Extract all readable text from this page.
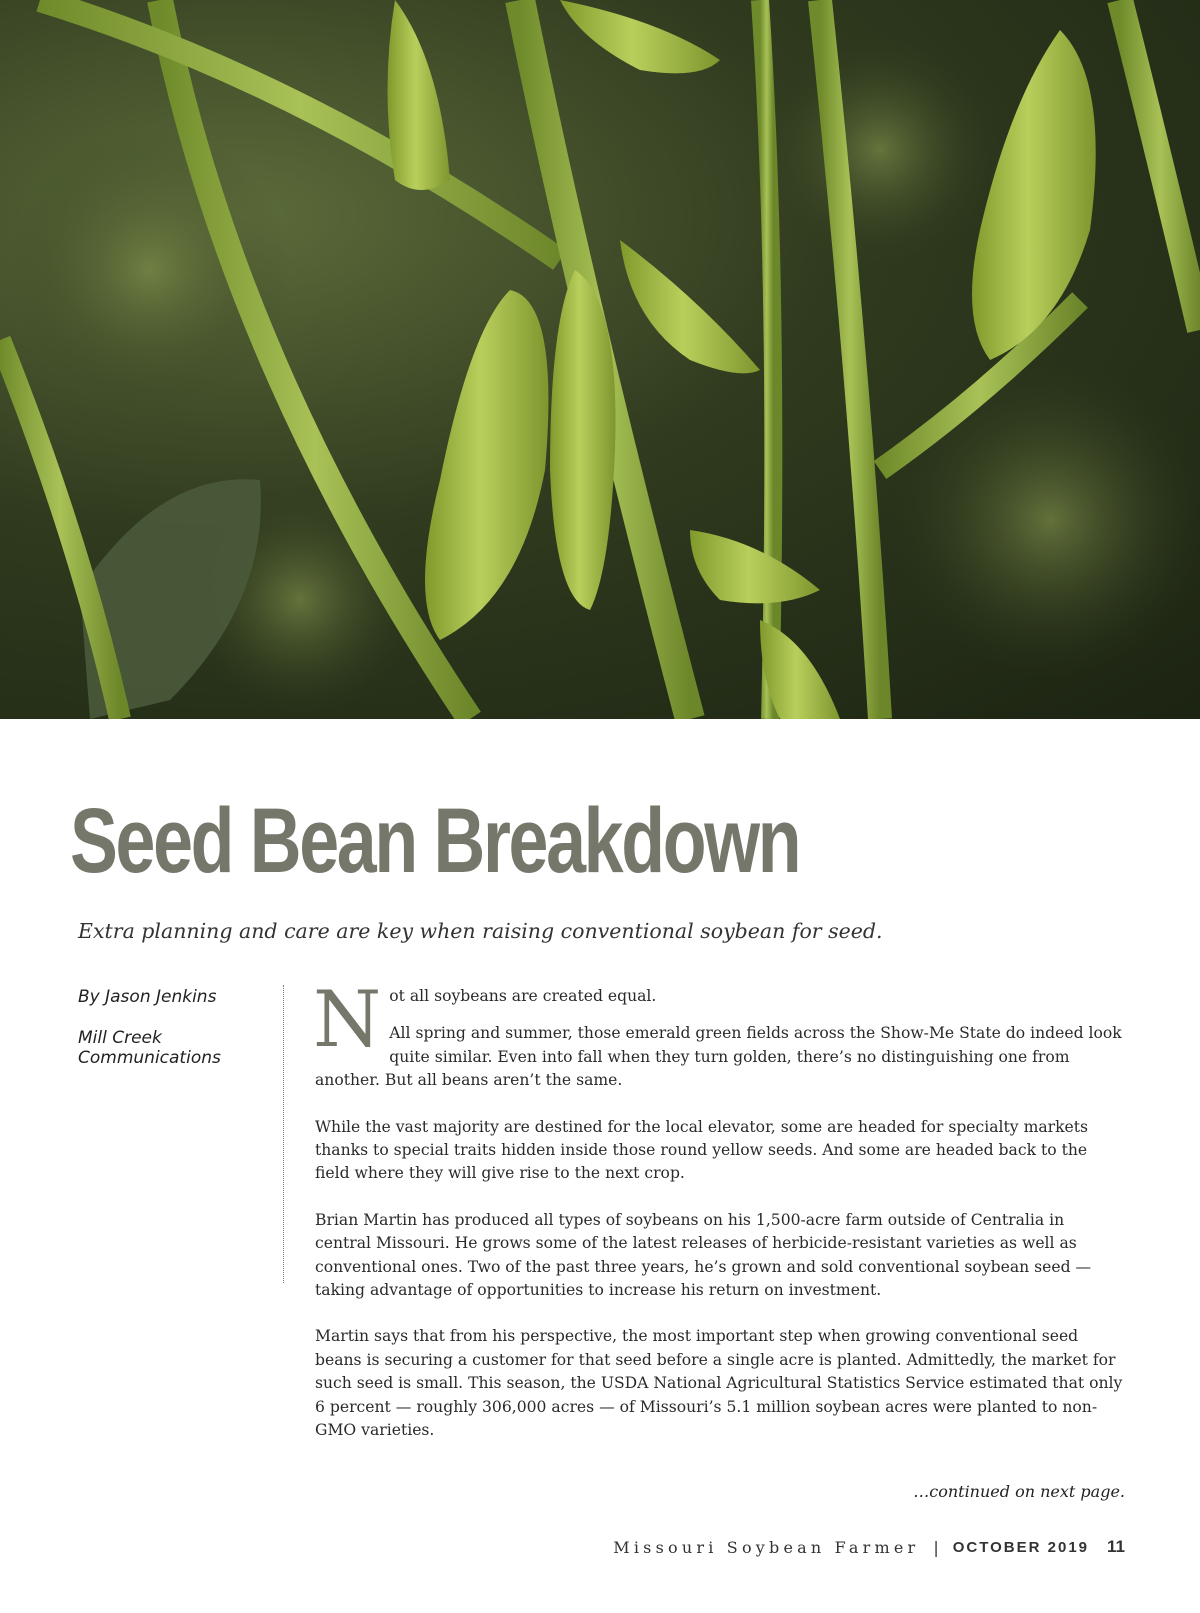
Seed Bean Breakdown
Extra planning and care are key when raising conventional soybean for seed.
By Jason Jenkins
Mill Creek Communications	Not all soybeans are created equal.

All spring and summer, those emerald green fields across the Show-Me State do indeed look quite similar. Even into fall when they turn golden, there’s no distinguishing one from another. But all beans aren’t the same.

While the vast majority are destined for the local elevator, some are headed for specialty markets thanks to special traits hidden inside those round yellow seeds. And some are headed back to the field where they will give rise to the next crop.

Brian Martin has produced all types of soybeans on his 1,500-acre farm outside of Centralia in central Missouri. He grows some of the latest releases of herbicide-resistant varieties as well as conventional ones. Two of the past three years, he’s grown and sold conventional soybean seed — taking advantage of opportunities to increase his return on investment.

Martin says that from his perspective, the most important step when growing conventional seed beans is securing a customer for that seed before a single acre is planted. Admittedly, the market for such seed is small. This season, the USDA National Agricultural Statistics Service estimated that only 6 percent — roughly 306,000 acres — of Missouri’s 5.1 million soybean acres were planted to non-GMO varieties.

…continued on next page.
Missouri Soybean Farmer | OCTOBER 2019 11
